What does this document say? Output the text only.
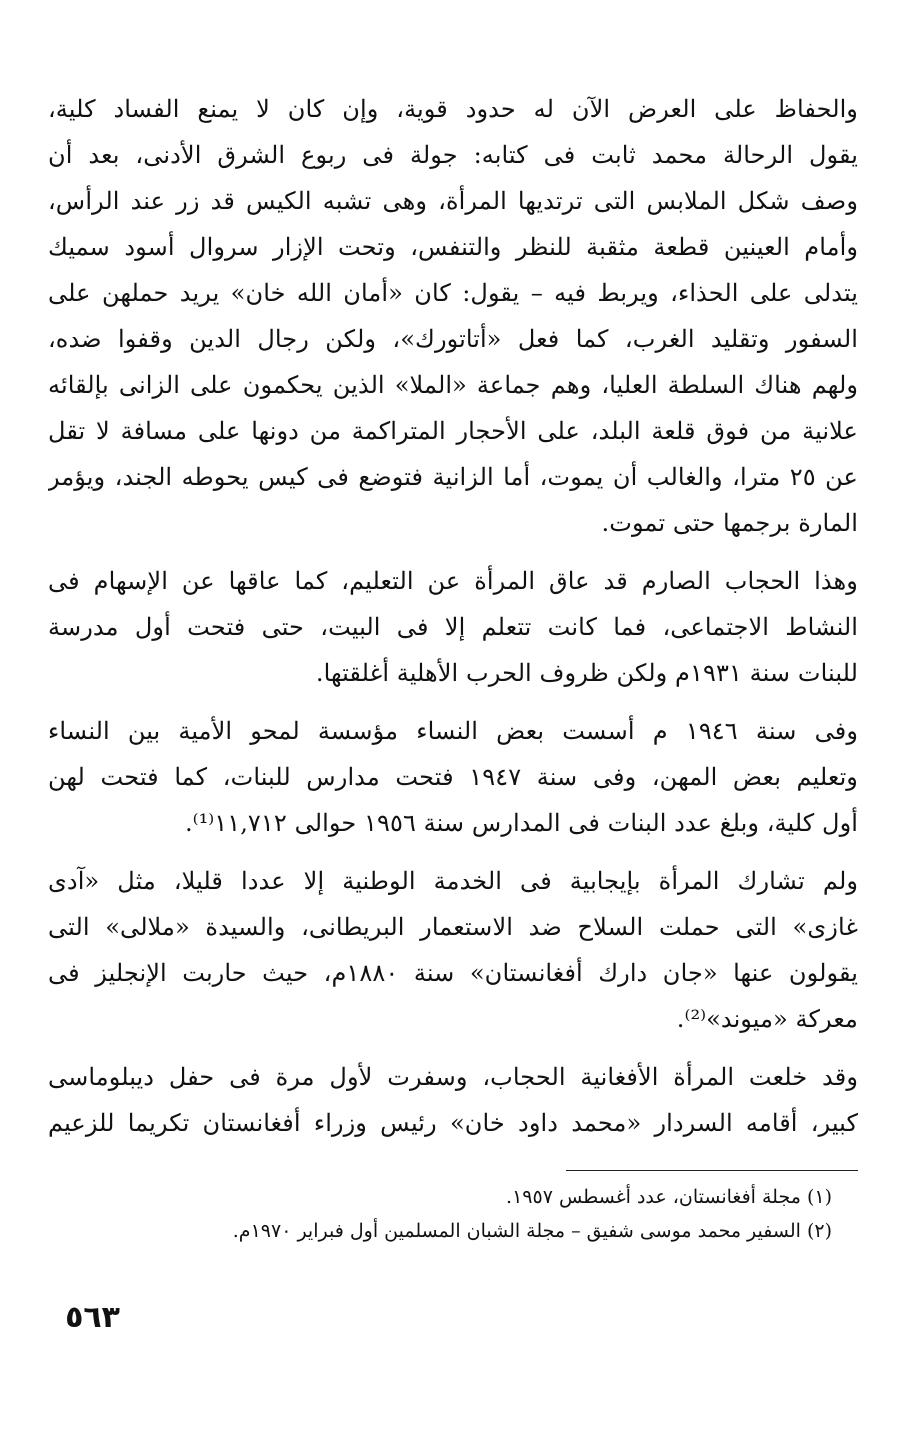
والحفاظ على العرض الآن له حدود قوية، وإن كان لا يمنع الفساد كلية،
يقول الرحالة محمد ثابت فى كتابه: جولة فى ربوع الشرق الأدنى، بعد أن
وصف شكل الملابس التى ترتديها المرأة، وهى تشبه الكيس قد زر عند الرأس،
وأمام العينين قطعة مثقبة للنظر والتنفس، وتحت الإزار سروال أسود سميك
يتدلى على الحذاء، ويربط فيه – يقول: كان «أمان الله خان» يريد حملهن على
السفور وتقليد الغرب، كما فعل «أتاتورك»، ولكن رجال الدين وقفوا ضده،
ولهم هناك السلطة العليا، وهم جماعة «الملا» الذين يحكمون على الزانى بإلقائه
علانية من فوق قلعة البلد، على الأحجار المتراكمة من دونها على مسافة لا تقل
عن ٢٥ مترا، والغالب أن يموت، أما الزانية فتوضع فى كيس يحوطه الجند، ويؤمر
المارة برجمها حتى تموت.
وهذا الحجاب الصارم قد عاق المرأة عن التعليم، كما عاقها عن الإسهام فى
النشاط الاجتماعى، فما كانت تتعلم إلا فى البيت، حتى فتحت أول مدرسة
للبنات سنة ١٩٣١م ولكن ظروف الحرب الأهلية أغلقتها.
وفى سنة ١٩٤٦ م أسست بعض النساء مؤسسة لمحو الأمية بين النساء
وتعليم بعض المهن، وفى سنة ١٩٤٧ فتحت مدارس للبنات، كما فتحت لهن
أول كلية، وبلغ عدد البنات فى المدارس سنة ١٩٥٦ حوالى ١١,٧١٢⁽¹⁾.
ولم تشارك المرأة بإيجابية فى الخدمة الوطنية إلا عددا قليلا، مثل «آدى
غازى» التى حملت السلاح ضد الاستعمار البريطانى، والسيدة «ملالى» التى
يقولون عنها «جان دارك أفغانستان» سنة ١٨٨٠م، حيث حاربت الإنجليز فى
معركة «ميوند»⁽²⁾.
وقد خلعت المرأة الأفغانية الحجاب، وسفرت لأول مرة فى حفل ديبلوماسى
كبير، أقامه السردار «محمد داود خان» رئيس وزراء أفغانستان تكريما للزعيم
(١) مجلة أفغانستان، عدد أغسطس ١٩٥٧.
(٢) السفير محمد موسى شفيق – مجلة الشبان المسلمين أول فبراير ١٩٧٠م.
٥٦٣
